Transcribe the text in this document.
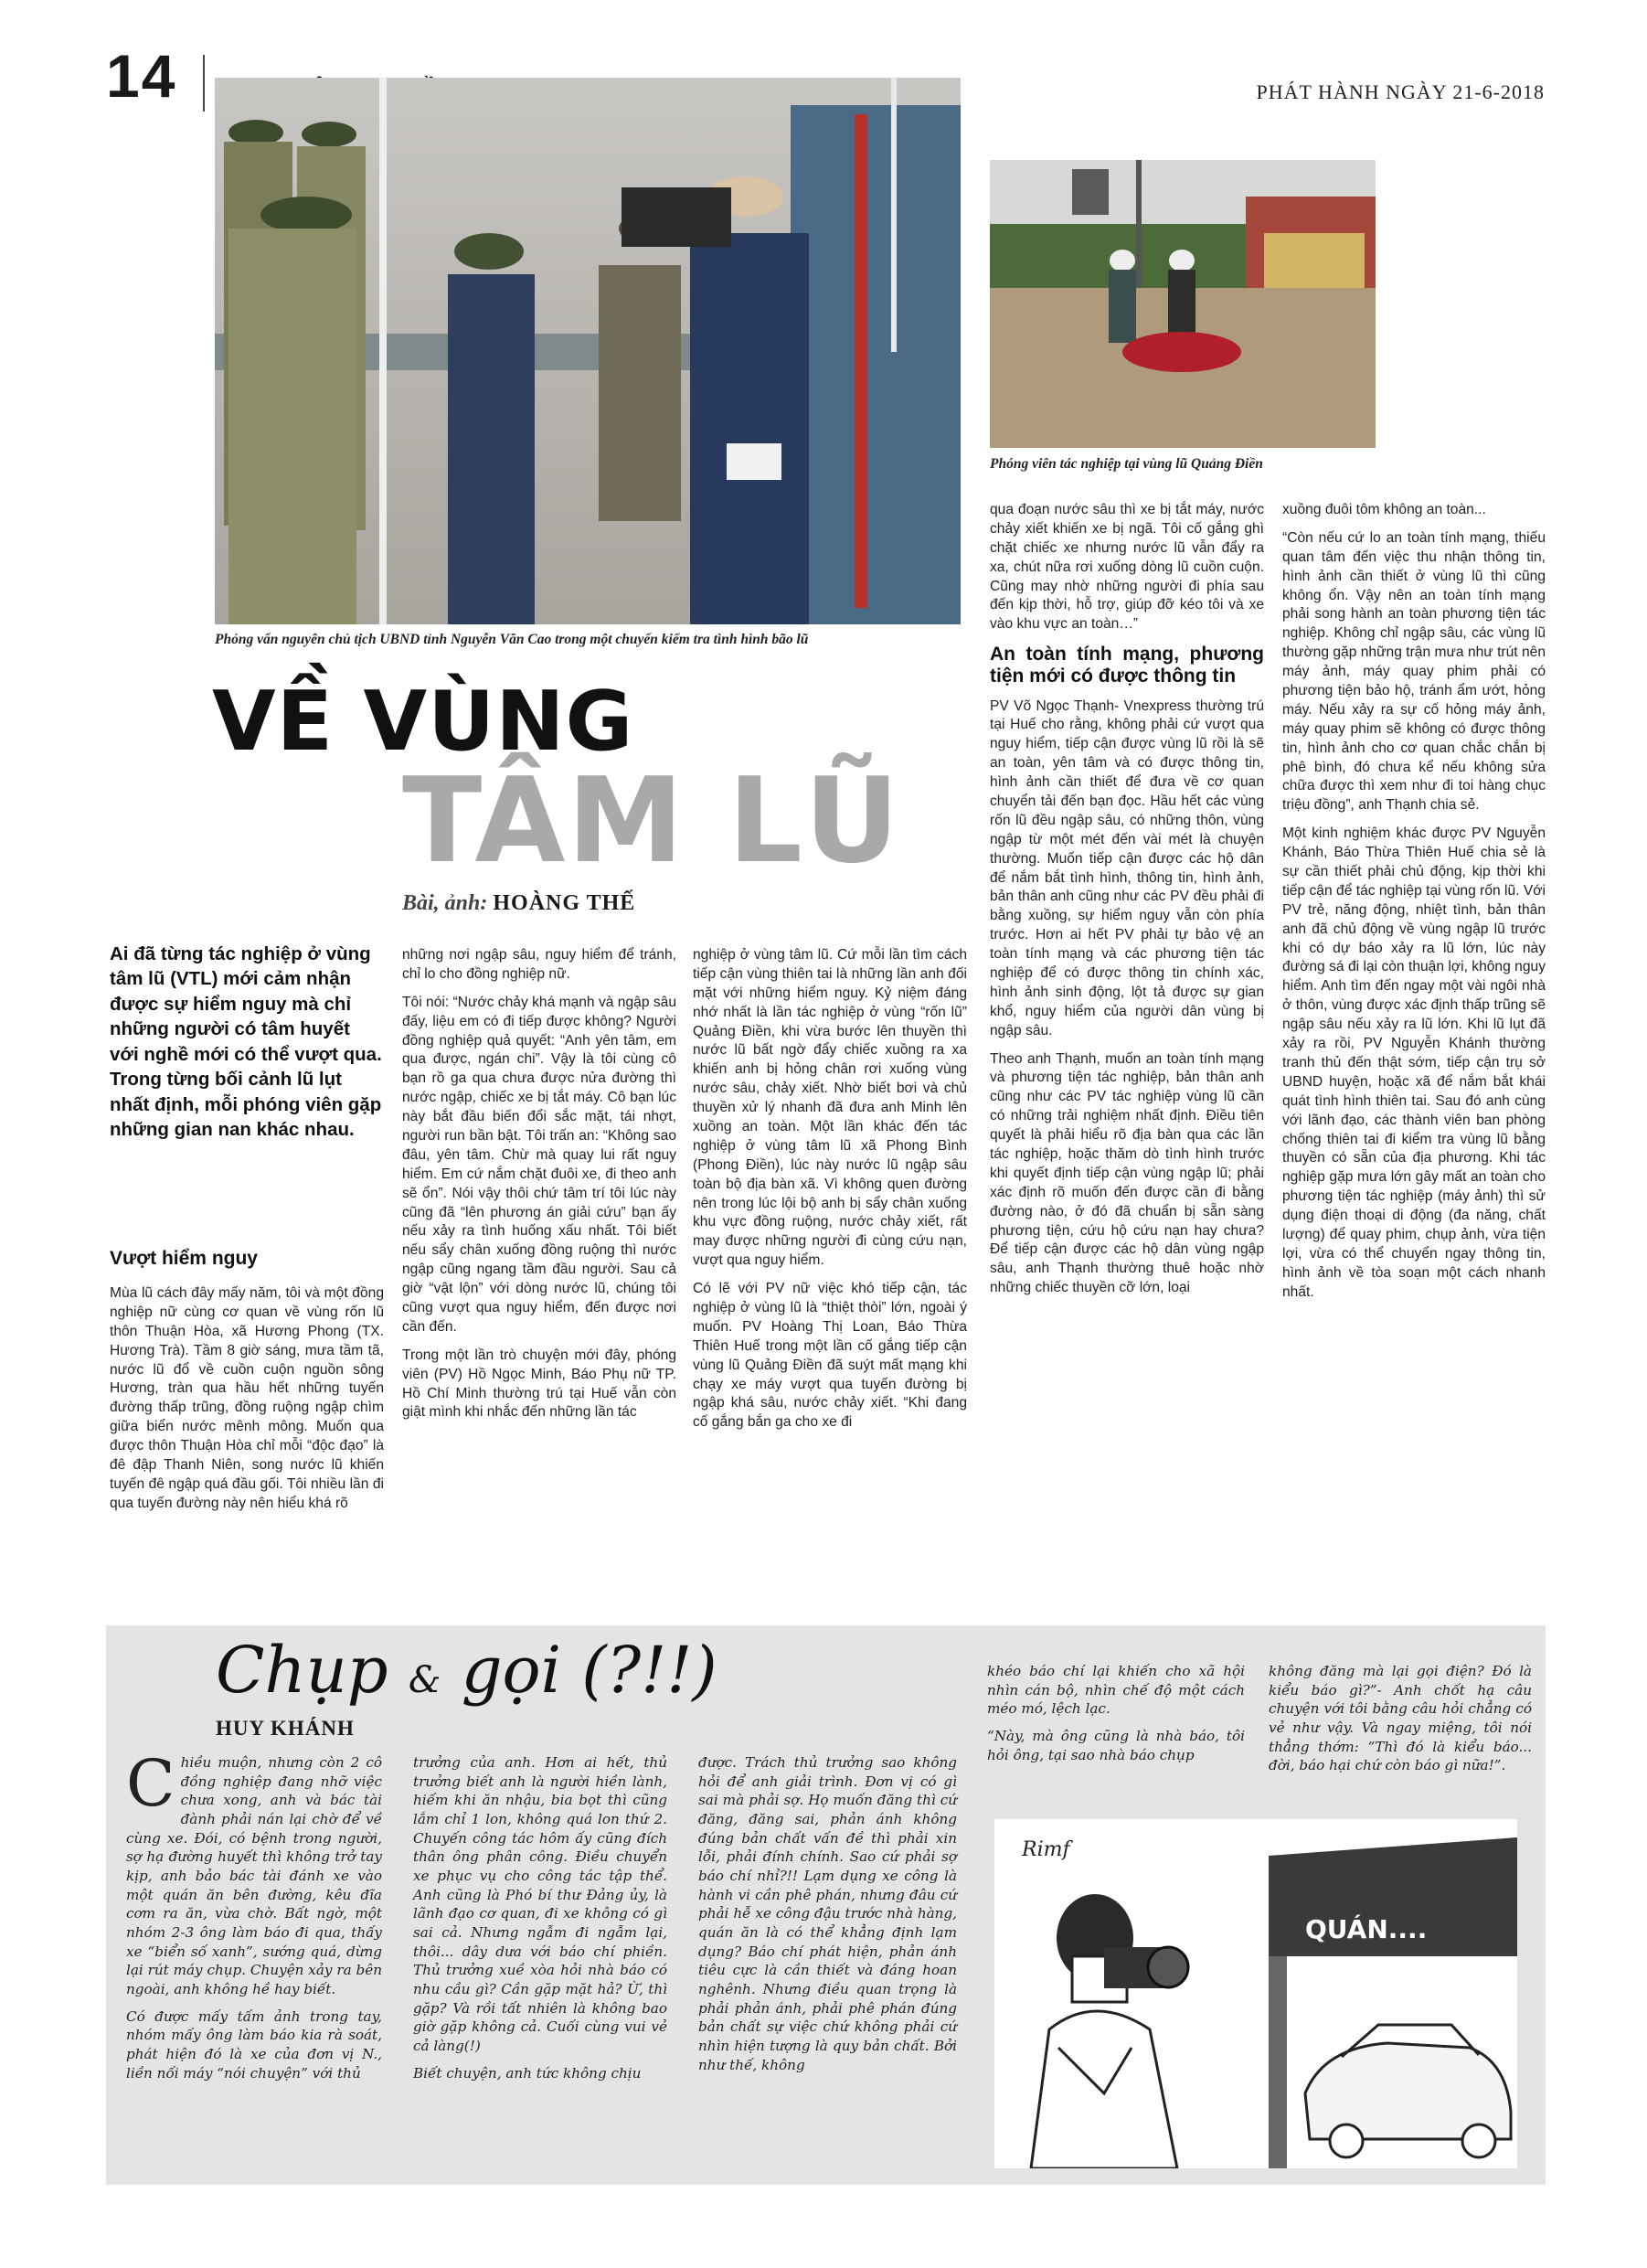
14	PHÁT HÀNH NGÀY 21-6-2018
Phỏng vấn nguyên chủ tịch UBND tỉnh Nguyễn Văn Cao trong một chuyến kiểm tra tình hình bão lũ
Phóng viên tác nghiệp tại vùng lũ Quảng Điền
VỀ VÙNG
TÂM LŨ
Bài, ảnh: HOÀNG THẾ
Ai đã từng tác nghiệp ở vùng tâm lũ (VTL) mới cảm nhận được sự hiểm nguy mà chỉ những người có tâm huyết với nghề mới có thể vượt qua. Trong từng bối cảnh lũ lụt nhất định, mỗi phóng viên gặp những gian nan khác nhau.
Vượt hiểm nguy

Mùa lũ cách đây mấy năm, tôi và một đồng nghiệp nữ cùng cơ quan về vùng rốn lũ thôn Thuận Hòa, xã Hương Phong (TX. Hương Trà). Tầm 8 giờ sáng, mưa tầm tã, nước lũ đổ về cuồn cuộn nguồn sông Hương, tràn qua hầu hết những tuyến đường thấp trũng, đồng ruộng ngập chìm giữa biển nước mênh mông. Muốn qua được thôn Thuận Hòa chỉ mỗi “độc đạo” là đê đập Thanh Niên, song nước lũ khiến tuyến đê ngập quá đầu gối. Tôi nhiều lần đi qua tuyến đường này nên hiểu khá rõ

những nơi ngập sâu, nguy hiểm để tránh, chỉ lo cho đồng nghiệp nữ.

Tôi nói: “Nước chảy khá mạnh và ngập sâu đấy, liệu em có đi tiếp được không? Người đồng nghiệp quả quyết: “Anh yên tâm, em qua được, ngán chi”. Vậy là tôi cùng cô bạn rồ ga qua chưa được nửa đường thì nước ngập, chiếc xe bị tắt máy. Cô bạn lúc này bắt đầu biến đổi sắc mặt, tái nhợt, người run bần bật. Tôi trấn an: “Không sao đâu, yên tâm. Chừ mà quay lui rất nguy hiểm. Em cứ nắm chặt đuôi xe, đi theo anh sẽ ổn”. Nói vậy thôi chứ tâm trí tôi lúc này cũng đã “lên phương án giải cứu” bạn ấy nếu xảy ra tình huống xấu nhất. Tôi biết nếu sẩy chân xuống đồng ruộng thì nước ngập cũng ngang tầm đầu người. Sau cả giờ “vật lộn” với dòng nước lũ, chúng tôi cũng vượt qua nguy hiểm, đến được nơi cần đến.

Trong một lần trò chuyện mới đây, phóng viên (PV) Hồ Ngọc Minh, Báo Phụ nữ TP. Hồ Chí Minh thường trú tại Huế vẫn còn giật mình khi nhắc đến những lần tác

nghiệp ở vùng tâm lũ. Cứ mỗi lần tìm cách tiếp cận vùng thiên tai là những lần anh đối mặt với những hiểm nguy. Kỷ niệm đáng nhớ nhất là lần tác nghiệp ở vùng “rốn lũ” Quảng Điền, khi vừa bước lên thuyền thì nước lũ bất ngờ đẩy chiếc xuồng ra xa khiến anh bị hỏng chân rơi xuống vùng nước sâu, chảy xiết. Nhờ biết bơi và chủ thuyền xử lý nhanh đã đưa anh Minh lên xuồng an toàn. Một lần khác đến tác nghiệp ở vùng tâm lũ xã Phong Bình (Phong Điền), lúc này nước lũ ngập sâu toàn bộ địa bàn xã. Vì không quen đường nên trong lúc lội bộ anh bị sẩy chân xuống khu vực đồng ruộng, nước chảy xiết, rất may được những người đi cùng cứu nạn, vượt qua nguy hiểm.

Có lẽ với PV nữ việc khó tiếp cận, tác nghiệp ở vùng lũ là “thiệt thòi” lớn, ngoài ý muốn. PV Hoàng Thị Loan, Báo Thừa Thiên Huế trong một lần cố gắng tiếp cận vùng lũ Quảng Điền đã suýt mất mạng khi chạy xe máy vượt qua tuyến đường bị ngập khá sâu, nước chảy xiết. “Khi đang cố gắng bắn ga cho xe đi

qua đoạn nước sâu thì xe bị tắt máy, nước chảy xiết khiến xe bị ngã. Tôi cố gắng ghì chặt chiếc xe nhưng nước lũ vẫn đẩy ra xa, chút nữa rơi xuống dòng lũ cuồn cuộn. Cũng may nhờ những người đi phía sau đến kịp thời, hỗ trợ, giúp đỡ kéo tôi và xe vào khu vực an toàn…”

An toàn tính mạng, phương tiện mới có được thông tin

PV Võ Ngọc Thạnh- Vnexpress thường trú tại Huế cho rằng, không phải cứ vượt qua nguy hiểm, tiếp cận được vùng lũ rồi là sẽ an toàn, yên tâm và có được thông tin, hình ảnh cần thiết để đưa về cơ quan chuyển tải đến bạn đọc. Hầu hết các vùng rốn lũ đều ngập sâu, có những thôn, vùng ngập từ một mét đến vài mét là chuyện thường. Muốn tiếp cận được các hộ dân để nắm bắt tình hình, thông tin, hình ảnh, bản thân anh cũng như các PV đều phải đi bằng xuồng, sự hiểm nguy vẫn còn phía trước. Hơn ai hết PV phải tự bảo vệ an toàn tính mạng và các phương tiện tác nghiệp để có được thông tin chính xác, hình ảnh sinh động, lột tả được sự gian khổ, nguy hiểm của người dân vùng bị ngập sâu.

Theo anh Thạnh, muốn an toàn tính mạng và phương tiện tác nghiệp, bản thân anh cũng như các PV tác nghiệp vùng lũ cần có những trải nghiệm nhất định. Điều tiên quyết là phải hiểu rõ địa bàn qua các lần tác nghiệp, hoặc thăm dò tình hình trước khi quyết định tiếp cận vùng ngập lũ; phải xác định rõ muốn đến được cần đi bằng đường nào, ở đó đã chuẩn bị sẵn sàng phương tiện, cứu hộ cứu nạn hay chưa? Để tiếp cận được các hộ dân vùng ngập sâu, anh Thạnh thường thuê hoặc nhờ những chiếc thuyền cỡ lớn, loại

xuồng đuôi tôm không an toàn...

“Còn nếu cứ lo an toàn tính mạng, thiếu quan tâm đến việc thu nhận thông tin, hình ảnh cần thiết ở vùng lũ thì cũng không ổn. Vậy nên an toàn tính mạng phải song hành an toàn phương tiện tác nghiệp. Không chỉ ngập sâu, các vùng lũ thường gặp những trận mưa như trút nên máy ảnh, máy quay phim phải có phương tiện bảo hộ, tránh ẩm ướt, hỏng máy. Nếu xảy ra sự cố hỏng máy ảnh, máy quay phim sẽ không có được thông tin, hình ảnh cho cơ quan chắc chắn bị phê bình, đó chưa kể nếu không sửa chữa được thì xem như đi toi hàng chục triệu đồng”, anh Thạnh chia sẻ.

Một kinh nghiệm khác được PV Nguyễn Khánh, Báo Thừa Thiên Huế chia sẻ là sự cần thiết phải chủ động, kịp thời khi tiếp cận để tác nghiệp tại vùng rốn lũ. Với PV trẻ, năng động, nhiệt tình, bản thân anh đã chủ động về vùng ngập lũ trước khi có dự báo xảy ra lũ lớn, lúc này đường sá đi lại còn thuận lợi, không nguy hiểm. Anh tìm đến ngay một vài ngôi nhà ở thôn, vùng được xác định thấp trũng sẽ ngập sâu nếu xảy ra lũ lớn. Khi lũ lụt đã xảy ra rồi, PV Nguyễn Khánh thường tranh thủ đến thật sớm, tiếp cận trụ sở UBND huyện, hoặc xã để nắm bắt khái quát tình hình thiên tai. Sau đó anh cùng với lãnh đạo, các thành viên ban phòng chống thiên tai đi kiểm tra vùng lũ bằng thuyền có sẵn của địa phương. Khi tác nghiệp gặp mưa lớn gây mất an toàn cho phương tiện tác nghiệp (máy ảnh) thì sử dụng điện thoại di động (đa năng, chất lượng) để quay phim, chụp ảnh, vừa tiện lợi, vừa có thể chuyển ngay thông tin, hình ảnh về tòa soạn một cách nhanh nhất.

Chụp & gọi (?!!)
HUY KHÁNH

Chiều muộn, nhưng còn 2 cô đồng nghiệp đang nhỡ việc chưa xong, anh và bác tài đành phải nán lại chờ để về cùng xe. Đói, có bệnh trong người, sợ hạ đường huyết thì không trở tay kịp, anh bảo bác tài đánh xe vào một quán ăn bên đường, kêu đĩa cơm ra ăn, vừa chờ. Bất ngờ, một nhóm 2-3 ông làm báo đi qua, thấy xe “biển số xanh”, sướng quá, dừng lại rút máy chụp. Chuyện xảy ra bên ngoài, anh không hề hay biết.

Có được mấy tấm ảnh trong tay, nhóm mấy ông làm báo kia rà soát, phát hiện đó là xe của đơn vị N., liền nối máy “nói chuyện” với thủ

trưởng của anh. Hơn ai hết, thủ trưởng biết anh là người hiền lành, hiếm khi ăn nhậu, bia bọt thì cũng lắm chỉ 1 lon, không quá lon thứ 2. Chuyến công tác hôm ấy cũng đích thân ông phân công. Điều chuyển xe phục vụ cho công tác tập thể. Anh cũng là Phó bí thư Đảng ủy, là lãnh đạo cơ quan, đi xe không có gì sai cả. Nhưng ngẫm đi ngẫm lại, thôi... dây dưa với báo chí phiền. Thủ trưởng xuề xòa hỏi nhà báo có nhu cầu gì? Cần gặp mặt hả? Ừ, thì gặp? Và rồi tất nhiên là không bao giờ gặp không cả. Cuối cùng vui vẻ cả làng(!)

Biết chuyện, anh tức không chịu

được. Trách thủ trưởng sao không hỏi để anh giải trình. Đơn vị có gì sai mà phải sợ. Họ muốn đăng thì cứ đăng, đăng sai, phản ánh không đúng bản chất vấn đề thì phải xin lỗi, phải đính chính. Sao cứ phải sợ báo chí nhỉ?!! Lạm dụng xe công là hành vi cần phê phán, nhưng đâu cứ phải hễ xe công đậu trước nhà hàng, quán ăn là có thể khẳng định lạm dụng? Báo chí phát hiện, phản ánh tiêu cực là cần thiết và đáng hoan nghênh. Nhưng điều quan trọng là phải phản ánh, phải phê phán đúng bản chất sự việc chứ không phải cứ nhìn hiện tượng là quy bản chất. Bởi như thế, không

khéo báo chí lại khiến cho xã hội nhìn cán bộ, nhìn chế độ một cách méo mó, lệch lạc.

“Này, mà ông cũng là nhà báo, tôi hỏi ông, tại sao nhà báo chụp

không đăng mà lại gọi điện? Đó là kiểu báo gì?”- Anh chốt hạ câu chuyện với tôi bằng câu hỏi chẳng có vẻ như vậy. Và ngay miệng, tôi nói thẳng thớm: “Thì đó là kiểu báo... đời, báo hại chứ còn báo gì nữa!”.

QUÁN....
Rimf
